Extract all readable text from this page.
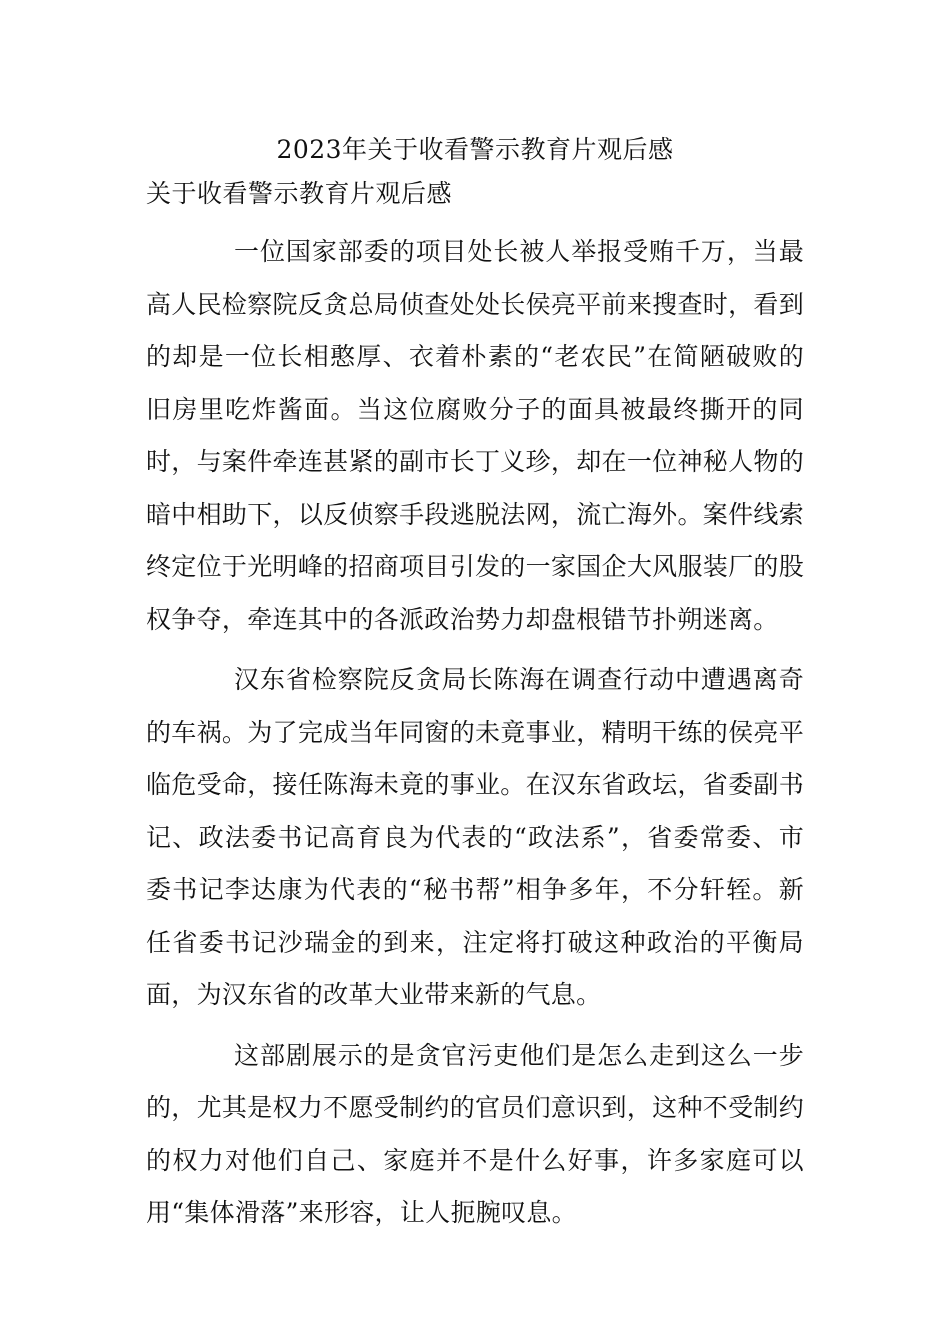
2023年关于收看警示教育片观后感
关于收看警示教育片观后感

一位国家部委的项目处长被人举报受贿千万，当最高人民检察院反贪总局侦查处处长侯亮平前来搜查时，看到的却是一位长相憨厚、衣着朴素的“老农民”在简陋破败的旧房里吃炸酱面。当这位腐败分子的面具被最终撕开的同时，与案件牵连甚紧的副市长丁义珍，却在一位神秘人物的暗中相助下，以反侦察手段逃脱法网，流亡海外。案件线索终定位于光明峰的招商项目引发的一家国企大风服装厂的股权争夺，牵连其中的各派政治势力却盘根错节扑朔迷离。

汉东省检察院反贪局长陈海在调查行动中遭遇离奇的车祸。为了完成当年同窗的未竟事业，精明干练的侯亮平临危受命，接任陈海未竟的事业。在汉东省政坛，省委副书记、政法委书记高育良为代表的“政法系”，省委常委、市委书记李达康为代表的“秘书帮”相争多年，不分轩轾。新任省委书记沙瑞金的到来，注定将打破这种政治的平衡局面，为汉东省的改革大业带来新的气息。

这部剧展示的是贪官污吏他们是怎么走到这么一步的，尤其是权力不愿受制约的官员们意识到，这种不受制约的权力对他们自己、家庭并不是什么好事，许多家庭可以用“集体滑落”来形容，让人扼腕叹息。
